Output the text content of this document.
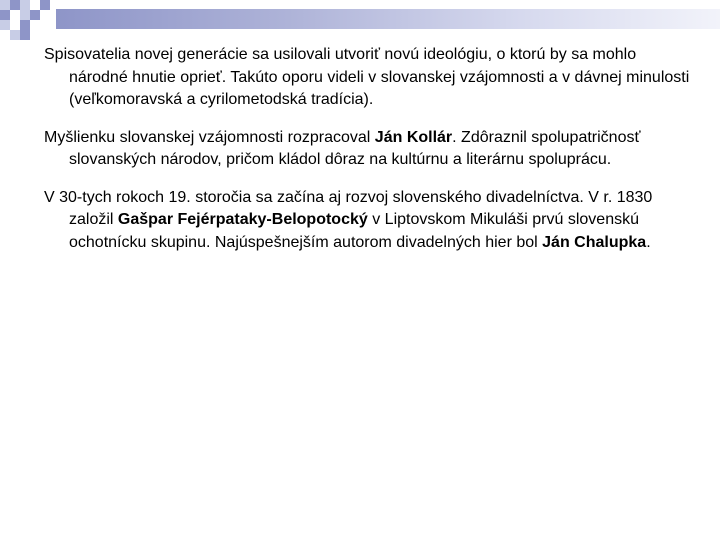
Spisovatelia novej generácie sa usilovali utvoriť novú ideológiu, o ktorú by sa mohlo národné hnutie oprieť. Takúto oporu videli v slovanskej vzájomnosti a v dávnej minulosti (veľkomoravská a cyrilometodská tradícia).

Myšlienku slovanskej vzájomnosti rozpracoval Ján Kollár. Zdôraznil spolupatričnosť slovanských národov, pričom kládol dôraz na kultúrnu a literárnu spoluprácu.

V 30-tych rokoch 19. storočia sa začína aj rozvoj slovenského divadelníctva. V r. 1830 založil Gašpar Fejérpataky-Belopotocký v Liptovskom Mikuláši prvú slovenskú ochotnícku skupinu. Najúspešnejším autorom divadelných hier bol Ján Chalupka.
